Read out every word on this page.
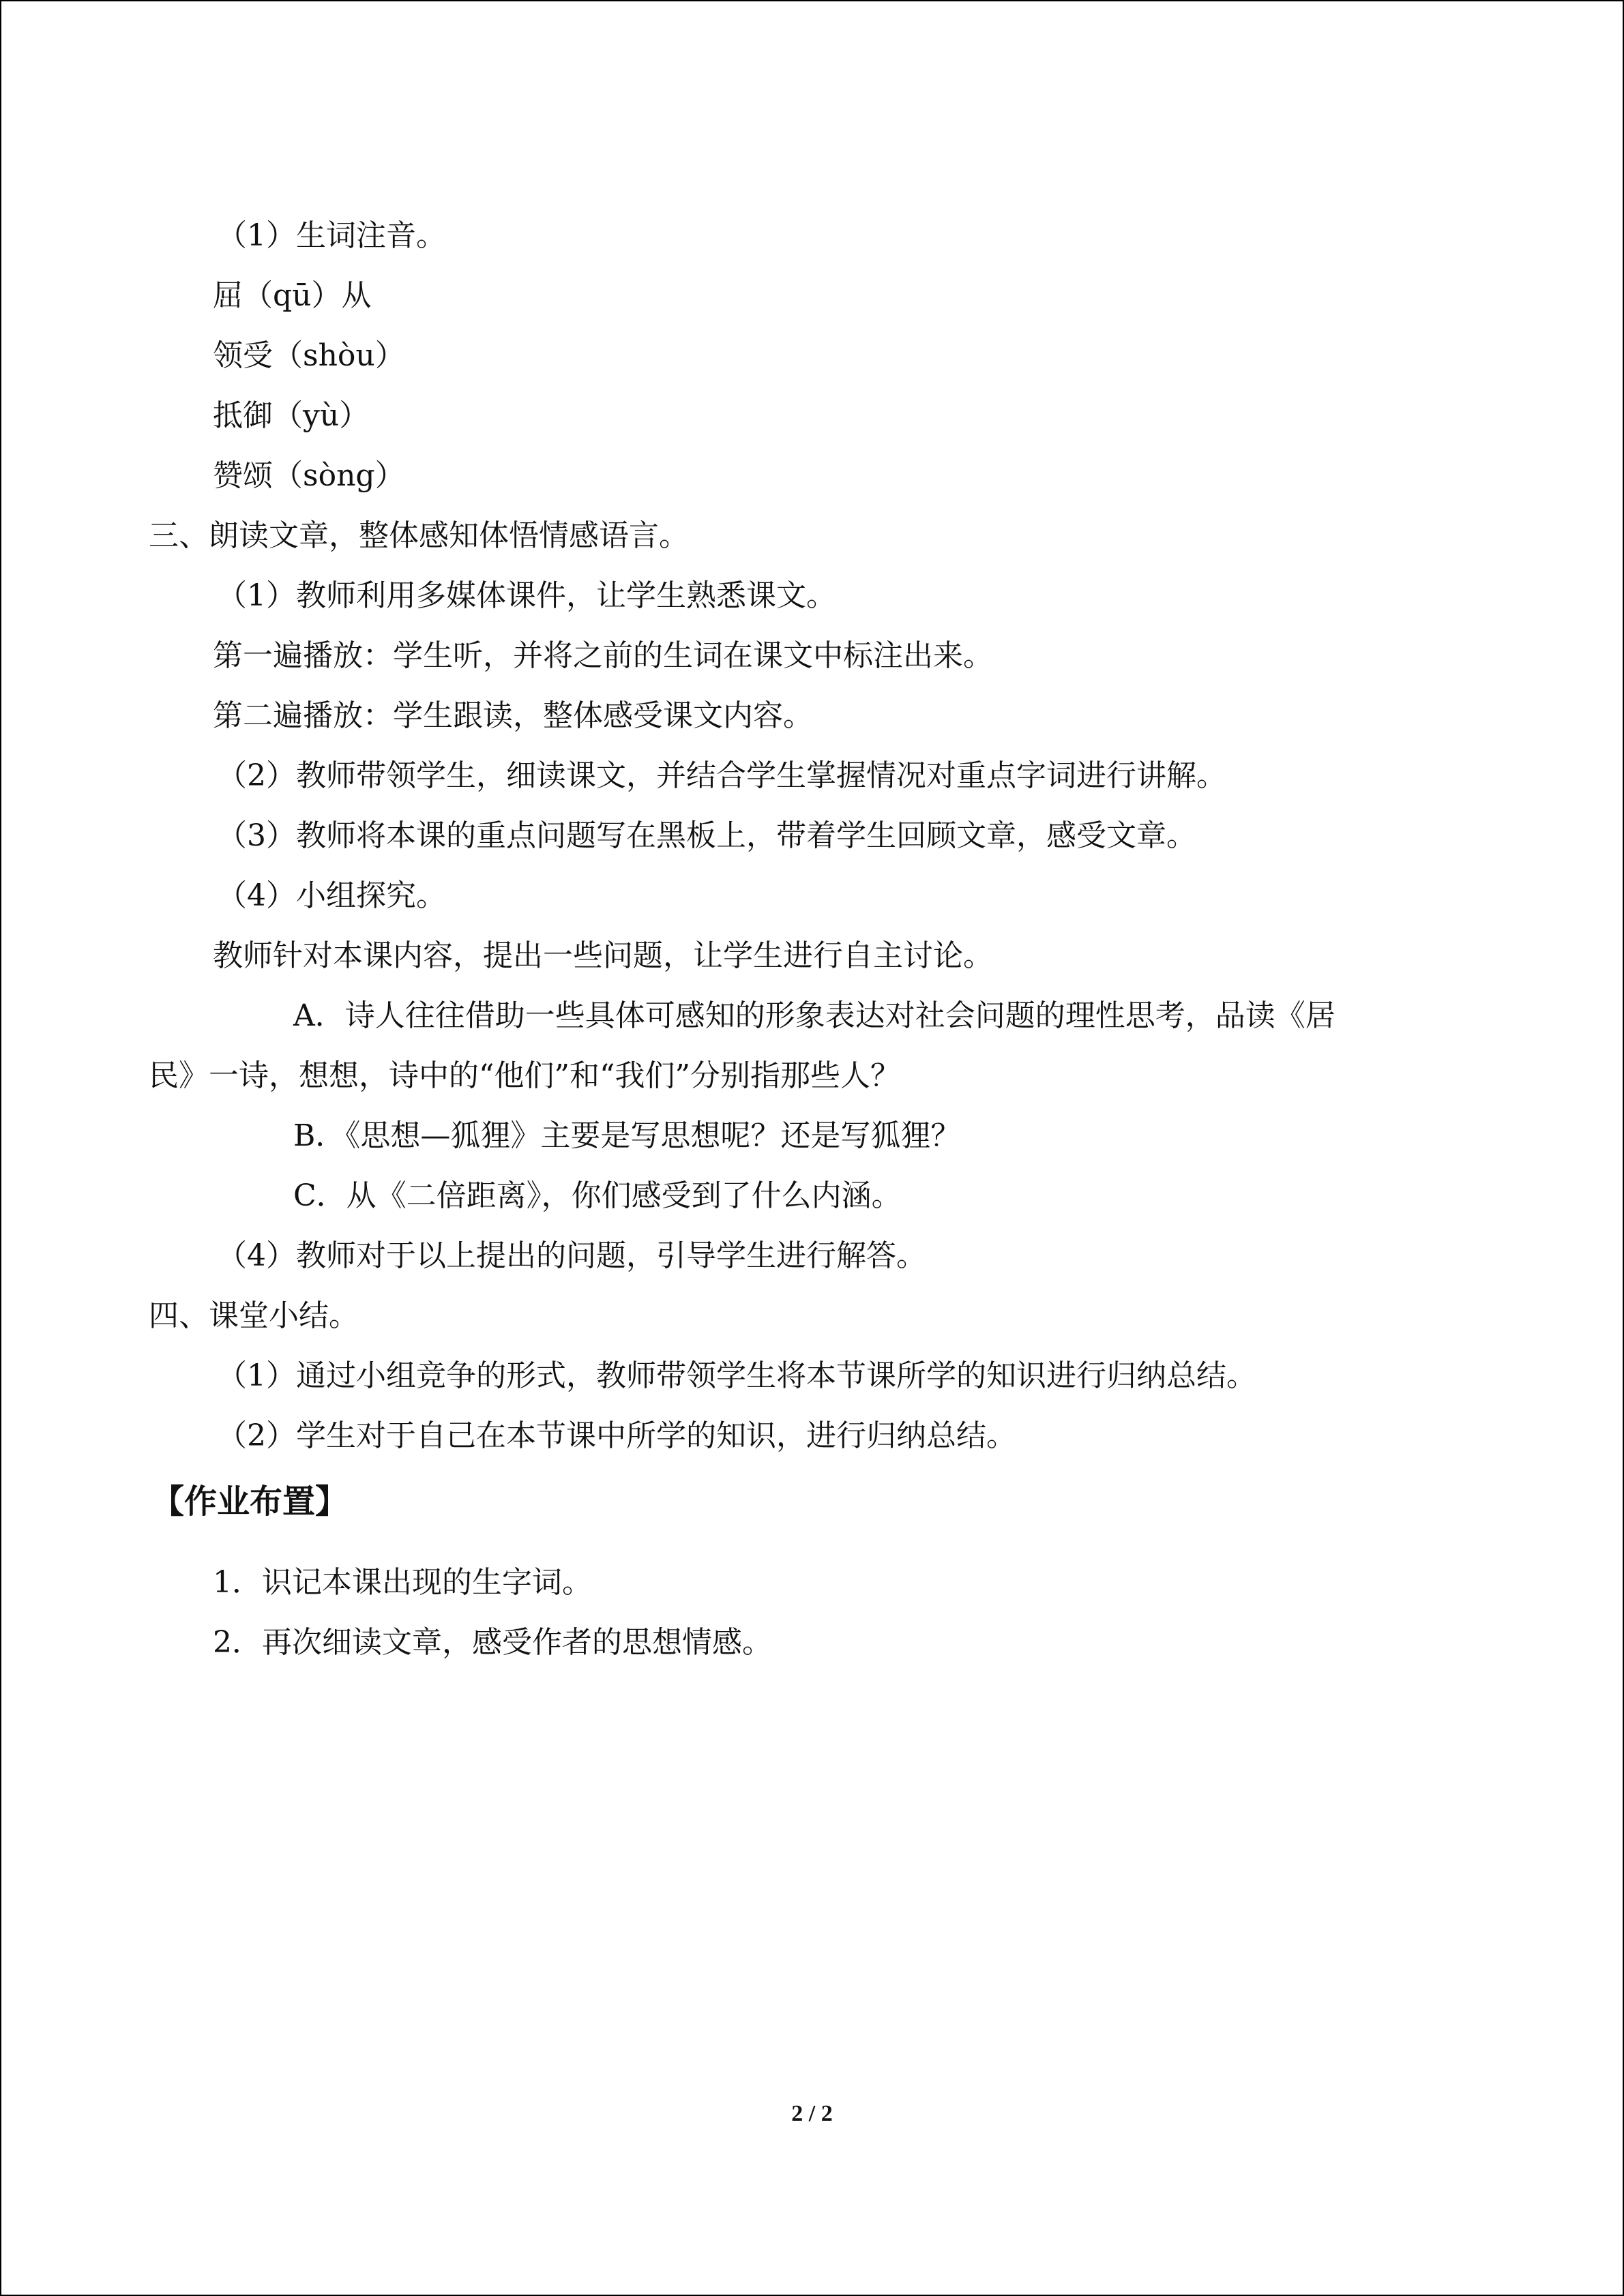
（1）生词注音。
屈（qū）从
领受（shòu）
抵御（yù）
赞颂（sòng）
三、朗读文章，整体感知体悟情感语言。
（1）教师利用多媒体课件，让学生熟悉课文。
第一遍播放：学生听，并将之前的生词在课文中标注出来。
第二遍播放：学生跟读，整体感受课文内容。
（2）教师带领学生，细读课文，并结合学生掌握情况对重点字词进行讲解。
（3）教师将本课的重点问题写在黑板上，带着学生回顾文章，感受文章。
（4）小组探究。
教师针对本课内容，提出一些问题，让学生进行自主讨论。
A．诗人往往借助一些具体可感知的形象表达对社会问题的理性思考，品读《居
民》一诗，想想，诗中的“他们”和“我们”分别指那些人？
B．《思想—狐狸》主要是写思想呢？还是写狐狸？
C．从《二倍距离》，你们感受到了什么内涵。
（4）教师对于以上提出的问题，引导学生进行解答。
四、课堂小结。
（1）通过小组竞争的形式，教师带领学生将本节课所学的知识进行归纳总结。
（2）学生对于自己在本节课中所学的知识，进行归纳总结。
【作业布置】
1．识记本课出现的生字词。
2．再次细读文章，感受作者的思想情感。
2 / 2
